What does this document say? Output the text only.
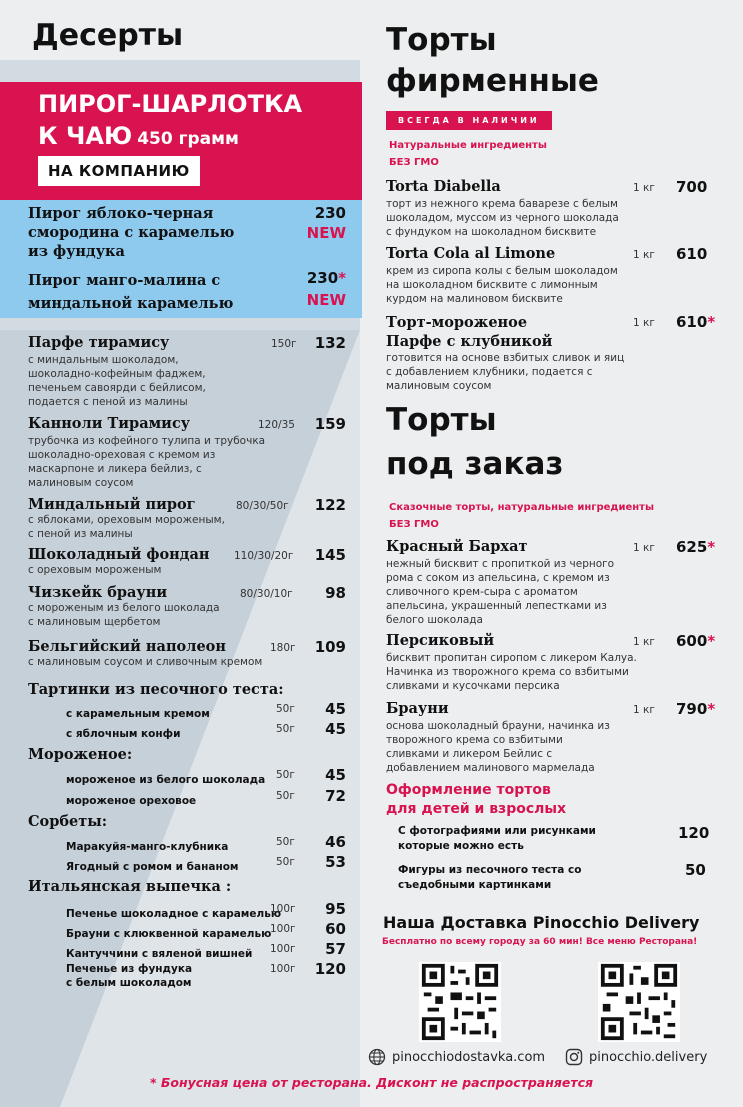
Десерты
ПИРОГ-ШАРЛОТКА
К ЧАЮ 450 грамм
НА КОМПАНИЮ
Пирог яблоко-черная смородина с карамелью из фундука
230
NEW
Пирог манго-малина с миндальной карамелью
230*
NEW
Парфе тирамису	150г 132
с миндальным шоколадом, шоколадно-кофейным фаджем, печеньем савоярди с бейлисом, подается с пеной из малины
Канноли Тирамису	120/35 159
трубочка из кофейного тулипа и трубочка шоколадно-ореховая с кремом из маскарпоне и ликера бейлиз, с малиновым соусом
Миндальный пирог	80/30/50г 122
с яблоками, ореховым мороженым, с пеной из малины
Шоколадный фондан	110/30/20г 145
с ореховым мороженым
Чизкейк брауни	80/30/10г 98
с мороженым из белого шоколада с малиновым щербетом
Бельгийский наполеон	180г 109
с малиновым соусом и сливочным кремом
Тартинки из песочного теста:
с карамельным кремом	50г 45
с яблочным конфи	50г 45
Мороженое:
мороженое из белого шоколада 50г 45
мороженое ореховое	50г 72
Сорбеты:
Маракуйя-манго-клубника	50г 46
Ягодный с ромом и бананом	50г 53
Итальянская выпечка :
Печенье шоколадное с карамелью
100г 95
Брауни с клюквенной карамелью
100г 60
Кантуччини с вяленой вишней 100г 57
Печенье из фундука с белым шоколадом
100г 120
Торты
фирменные
ВСЕГДА В НАЛИЧИИ
Натуральные ингредиенты
БЕЗ ГМО
Torta Diabella	1 кг 700
торт из нежного крема баварезе с белым шоколадом, муссом из черного шоколада с фундуком на шоколадном бисквите
Torta Cola al Limone	1 кг 610
крем из сиропа колы с белым шоколадом на шоколадном бисквите с лимонным курдом на малиновом бисквите
Торт-мороженое Парфе с клубникой
1 кг 610*
готовится на основе взбитых сливок и яиц с добавлением клубники, подается с малиновым соусом
Торты
под заказ
Сказочные торты, натуральные ингредиенты
БЕЗ ГМО
Красный Бархат	1 кг 625*
нежный бисквит с пропиткой из черного рома с соком из апельсина, с кремом из сливочного крем-сыра с ароматом апельсина, украшенный лепестками из белого шоколада
Персиковый	1 кг 600*
бисквит пропитан сиропом с ликером Калуа. Начинка из творожного крема со взбитыми сливками и кусочками персика
Брауни	1 кг 790*
основа шоколадный брауни, начинка из творожного крема со взбитыми сливками и ликером Бейлис с добавлением малинового мармелада
Оформление тортов
для детей и взрослых
С фотографиями или рисунками которые можно есть
120
Фигуры из песочного теста со съедобными картинками
50
Наша Доставка Pinocchio Delivery
Бесплатно по всему городу за 60 мин! Все меню Ресторана!
pinocchiodostavka.com	pinocchio.delivery
* Бонусная цена от ресторана. Дисконт не распространяется
